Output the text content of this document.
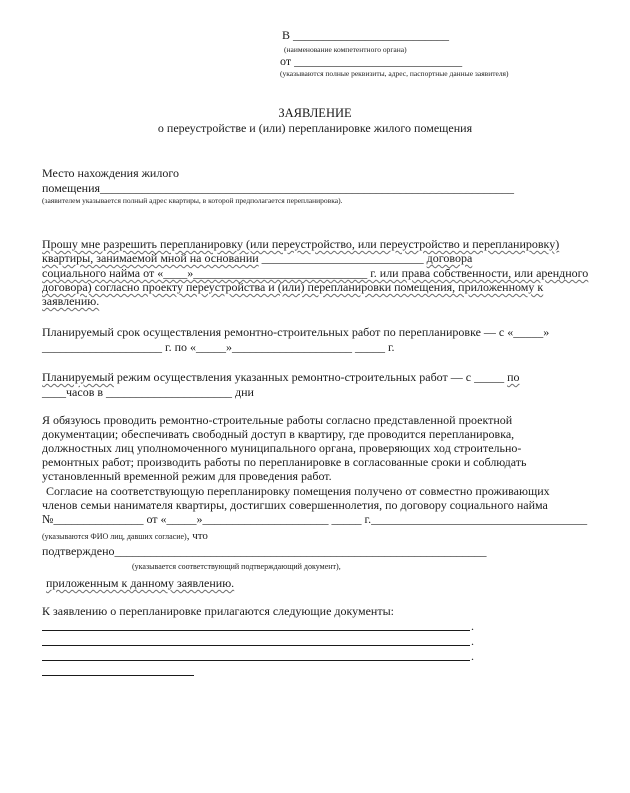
В __________________________
(наименование компетентного органа)
от ____________________________
(указываются полные реквизиты, адрес, паспортные данные заявителя)
ЗАЯВЛЕНИЕ
о переустройстве и (или) перепланировке жилого помещения
Место нахождения жилого
помещения_____________________________________________________________________
(заявителем указывается полный адрес квартиры, в которой предполагается перепланировка).
Прошу мне разрешить перепланировку (или переустройство, или переустройство и перепланировку)
квартиры, занимаемой мной на основании ___________________________ договора
социального найма от «____»_____________________________ г. или права собственности, или арендного
договора) согласно проекту переустройства и (или) перепланировки помещения, приложенному к
заявлению.
Планируемый срок осуществления ремонтно-строительных работ по перепланировке — с «_____»
____________________ г. по «_____»____________________ _____ г.
Планируемый режим осуществления указанных ремонтно-строительных работ — с _____ по
____часов в _____________________ дни
Я обязуюсь проводить ремонтно-строительные работы согласно представленной проектной
документации; обеспечивать свободный доступ в квартиру, где проводится перепланировка,
должностных лиц уполномоченного муниципального органа, проверяющих ход строительно-
ремонтных работ; производить работы по перепланировке в согласованные сроки и соблюдать
установленный временной режим для проведения работ.
Согласие на соответствующую перепланировку помещения получено от совместно проживающих
членов семьи нанимателя квартиры, достигших совершеннолетия, по договору социального найма
№_______________ от «_____»_____________________ _____ г.____________________________________
(указываются ФИО лиц, давших согласие), что
подтверждено______________________________________________________________
(указывается соответствующий подтверждающий документ),
приложенным к данному заявлению.
К заявлению о перепланировке прилагаются следующие документы:
.
.
.
